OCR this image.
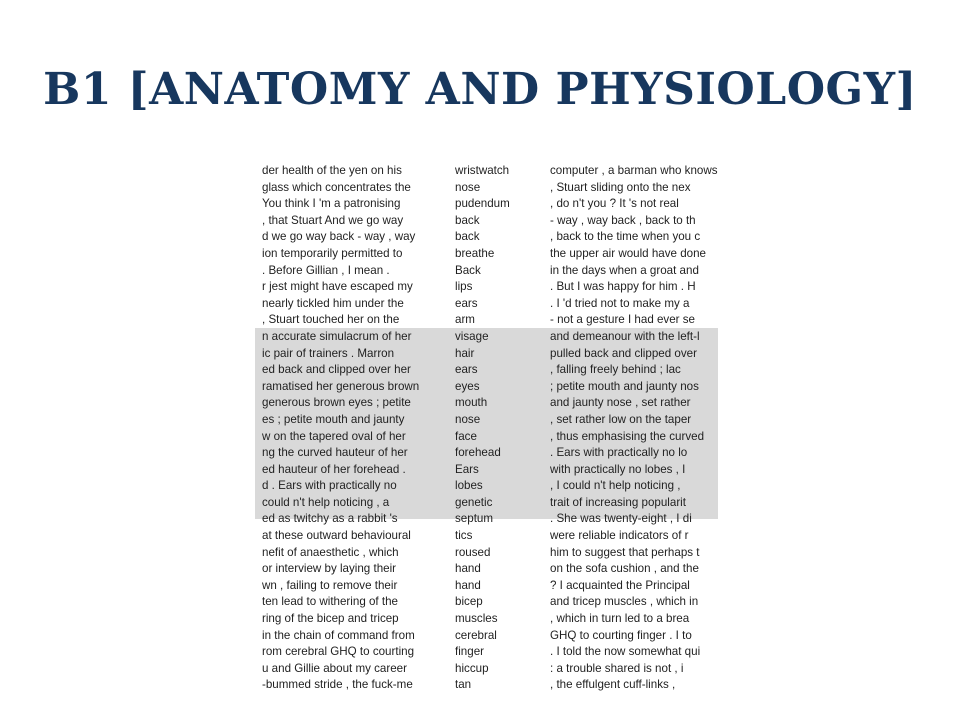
B1 [ANATOMY AND PHYSIOLOGY]
der health of the yen on his	wristwatch	computer , a barman who knows
glass which concentrates the	nose	, Stuart sliding onto the nex
You think I 'm a patronising	pudendum	, do n't you ? It 's not real
, that Stuart And we go way	back	- way , way back , back to th
d we go way back - way , way	back	, back to the time when you c
ion temporarily permitted to	breathe	the upper air would have done
. Before Gillian , I mean .	Back	in the days when a groat and
r jest might have escaped my	lips	. But I was happy for him . H
nearly tickled him under the	ears	. I 'd tried not to make my a
, Stuart touched her on the	arm	- not a gesture I had ever se
n accurate simulacrum of her	visage	and demeanour with the left-l
ic pair of trainers . Marron	hair	pulled back and clipped over
ed back and clipped over her	ears	, falling freely behind ; lac
ramatised her generous brown	eyes	; petite mouth and jaunty nos
generous brown eyes ; petite	mouth	and jaunty nose , set rather
es ; petite mouth and jaunty	nose	, set rather low on the taper
w on the tapered oval of her	face	, thus emphasising the curved
ng the curved hauteur of her	forehead	. Ears with practically no lo
ed hauteur of her forehead .	Ears	with practically no lobes , I
d . Ears with practically no	lobes	, I could n't help noticing ,
could n't help noticing , a	genetic	trait of increasing popularit
ed as twitchy as a rabbit 's	septum	. She was twenty-eight , I di
at these outward behavioural	tics	were reliable indicators of r
nefit of anaesthetic , which	roused	him to suggest that perhaps t
or interview by laying their	hand	on the sofa cushion , and the
wn , failing to remove their	hand	? I acquainted the Principal
ten lead to withering of the	bicep	and tricep muscles , which in
ring of the bicep and tricep	muscles	, which in turn led to a brea
in the chain of command from	cerebral	GHQ to courting finger . I to
rom cerebral GHQ to courting	finger	. I told the now somewhat qui
u and Gillie about my career	hiccup	: a trouble shared is not , i
-bummed stride , the fuck-me	tan	, the effulgent cuff-links ,
